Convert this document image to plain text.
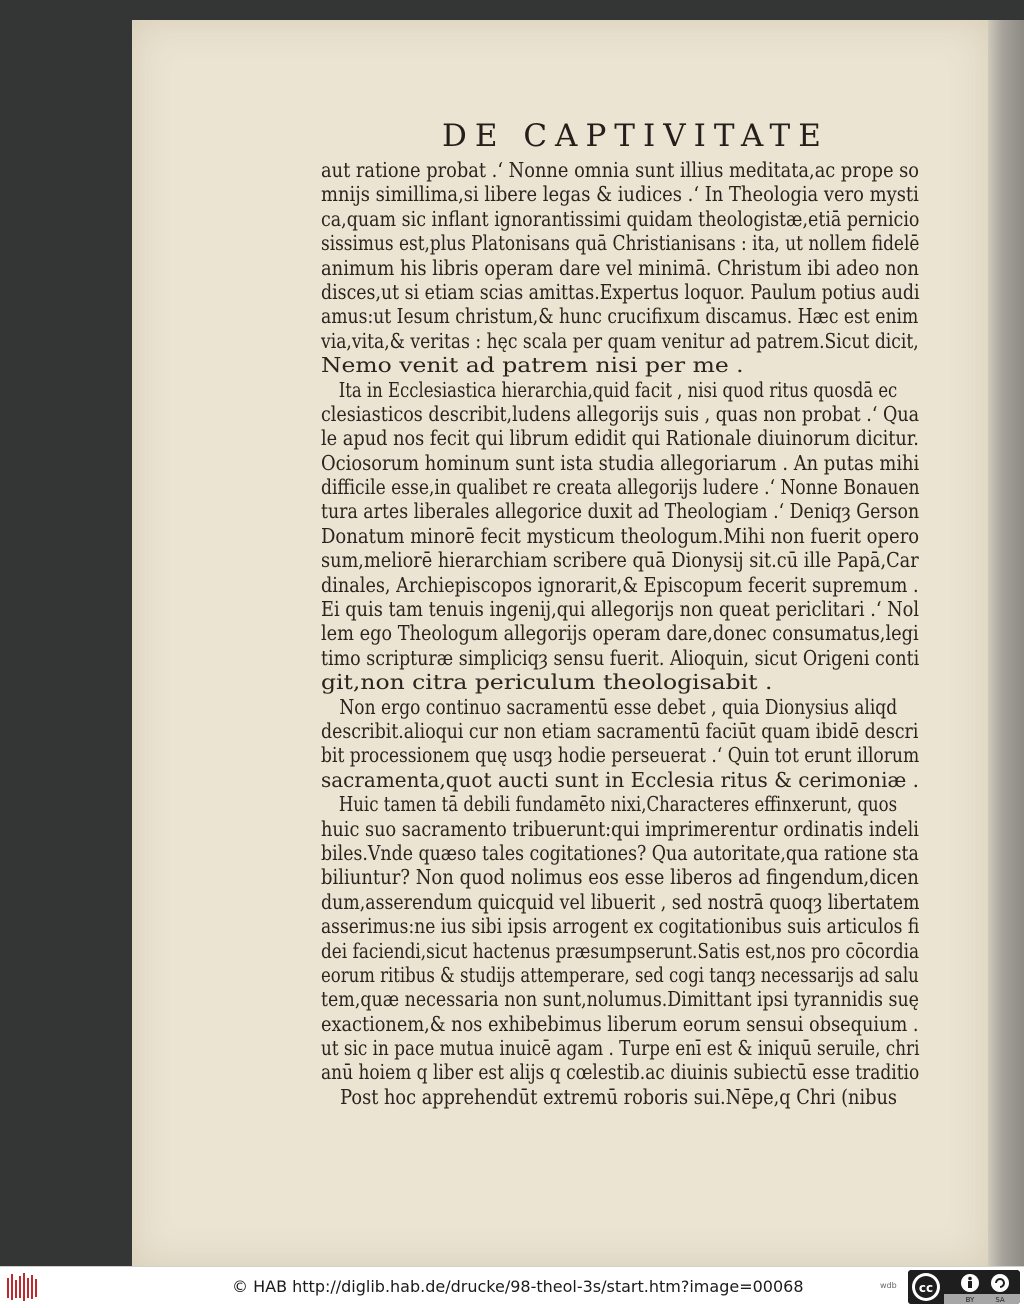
DE CAPTIVITATE
aut ratione probat .ʻ Nonne omnia sunt illius meditata,ac prope so
mnijs simillima,si libere legas & iudices .ʻ In Theologia vero mysti
ca,quam sic inflant ignorantissimi quidam theologistæ,etiā pernicio
sissimus est,plus Platonisans quā Christianisans : ita, ut nollem fidelē
animum his libris operam dare vel minimā. Christum ibi adeo non
disces,ut si etiam scias amittas.Expertus loquor. Paulum potius audi
amus:ut Iesum christum,& hunc crucifixum discamus. Hæc est enim
via,vita,& veritas : hęc scala per quam venitur ad patrem.Sicut dicit,
Nemo venit ad patrem nisi per me .
Ita in Ecclesiastica hierarchia,quid facit , nisi quod ritus quosdā ec
clesiasticos describit,ludens allegorijs suis , quas non probat .ʻ Qua
le apud nos fecit qui librum edidit qui Rationale diuinorum dicitur.
Ociosorum hominum sunt ista studia allegoriarum . An putas mihi
difficile esse,in qualibet re creata allegorijs ludere .ʻ Nonne Bonauen
tura artes liberales allegorice duxit ad Theologiam .ʻ Deniqȝ Gerson
Donatum minorē fecit mysticum theologum.Mihi non fuerit opero
sum,meliorē hierarchiam scribere quā Dionysij sit.cū ille Papā,Car
dinales, Archiepiscopos ignorarit,& Episcopum fecerit supremum .
Ei quis tam tenuis ingenij,qui allegorijs non queat periclitari .ʻ Nol
lem ego Theologum allegorijs operam dare,donec consumatus,legi
timo scripturæ simpliciqȝ sensu fuerit. Alioquin, sicut Origeni conti
git,non citra periculum theologisabit .
Non ergo continuo sacramentū esse debet , quia Dionysius aliqd
describit.alioqui cur non etiam sacramentū faciūt quam ibidē descri
bit processionem quę usqȝ hodie perseuerat .ʻ Quin tot erunt illorum
sacramenta,quot aucti sunt in Ecclesia ritus & cerimoniæ .
Huic tamen tā debili fundamēto nixi,Characteres effinxerunt, quos
huic suo sacramento tribuerunt:qui imprimerentur ordinatis indeli
biles.Vnde quæso tales cogitationes? Qua autoritate,qua ratione sta
biliuntur? Non quod nolimus eos esse liberos ad fingendum,dicen
dum,asserendum quicquid vel libuerit , sed nostrā quoqȝ libertatem
asserimus:ne ius sibi ipsis arrogent ex cogitationibus suis articulos fi
dei faciendi,sicut hactenus præsumpserunt.Satis est,nos pro cōcordia
eorum ritibus & studijs attemperare, sed cogi tanqȝ necessarijs ad salu
tem,quæ necessaria non sunt,nolumus.Dimittant ipsi tyrannidis suę
exactionem,& nos exhibebimus liberum eorum sensui obsequium .
ut sic in pace mutua inuicē agam . Turpe enī est & iniquū seruile, chri
anū hoiem q liber est alijs q cœlestib.ac diuinis subiectū esse traditio
Post hoc apprehendūt extremū roboris sui.Nēpe,q Chri (nibus
© HAB http://diglib.hab.de/drucke/98-theol-3s/start.htm?image=00068	wdb cc
BY	SA
